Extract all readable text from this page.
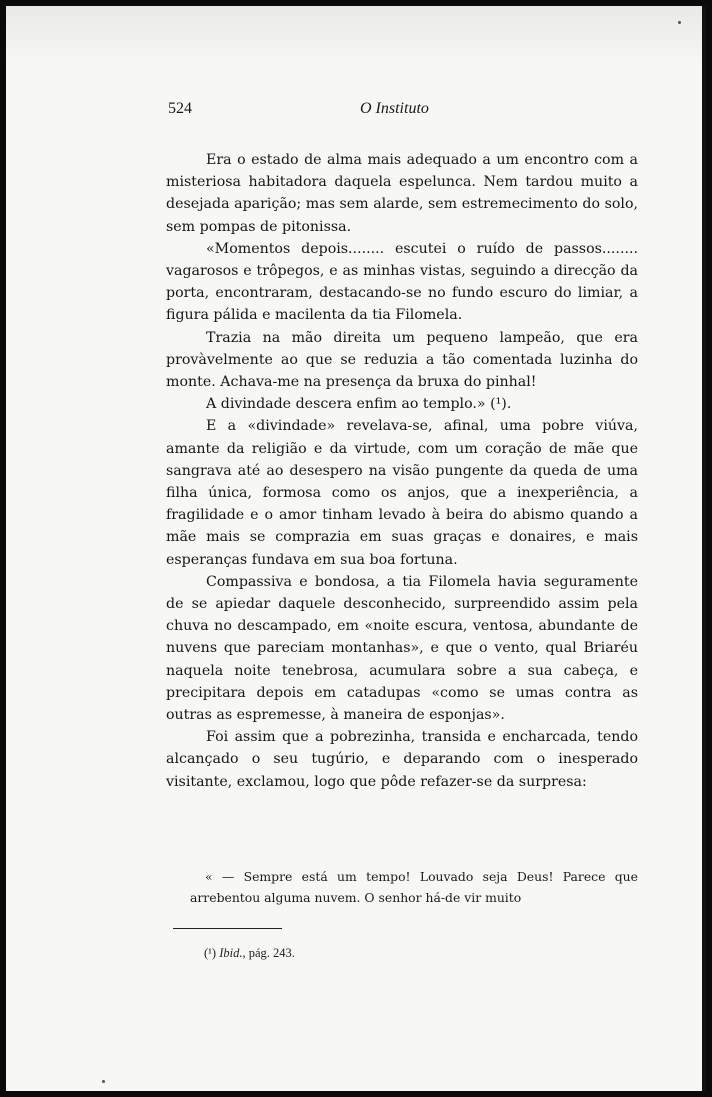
524	O Instituto

Era o estado de alma mais adequado a um encontro com a misteriosa habitadora daquela espelunca. Nem tardou muito a desejada aparição; mas sem alarde, sem estremecimento do solo, sem pompas de pitonissa.

«Momentos depois........ escutei o ruído de passos........ vagarosos e trôpegos, e as minhas vistas, seguindo a direcção da porta, encontraram, destacando-se no fundo escuro do limiar, a figura pálida e macilenta da tia Filomela.

Trazia na mão direita um pequeno lampeão, que era provàvelmente ao que se reduzia a tão comentada luzinha do monte. Achava-me na presença da bruxa do pinhal!

A divindade descera enfim ao templo.» (¹).

E a «divindade» revelava-se, afinal, uma pobre viúva, amante da religião e da virtude, com um coração de mãe que sangrava até ao desespero na visão pungente da queda de uma filha única, formosa como os anjos, que a inexperiência, a fragilidade e o amor tinham levado à beira do abismo quando a mãe mais se comprazia em suas graças e donaires, e mais esperanças fundava em sua boa fortuna.

Compassiva e bondosa, a tia Filomela havia seguramente de se apiedar daquele desconhecido, surpreendido assim pela chuva no descampado, em «noite escura, ventosa, abundante de nuvens que pareciam montanhas», e que o vento, qual Briaréu naquela noite tenebrosa, acumulara sobre a sua cabeça, e precipitara depois em catadupas «como se umas contra as outras as espremesse, à maneira de esponjas».

Foi assim que a pobrezinha, transida e encharcada, tendo alcançado o seu tugúrio, e deparando com o inesperado visitante, exclamou, logo que pôde refazer-se da surpresa:

« — Sempre está um tempo! Louvado seja Deus! Parece que arrebentou alguma nuvem. O senhor há-de vir muito

(¹) Ibid., pág. 243.
